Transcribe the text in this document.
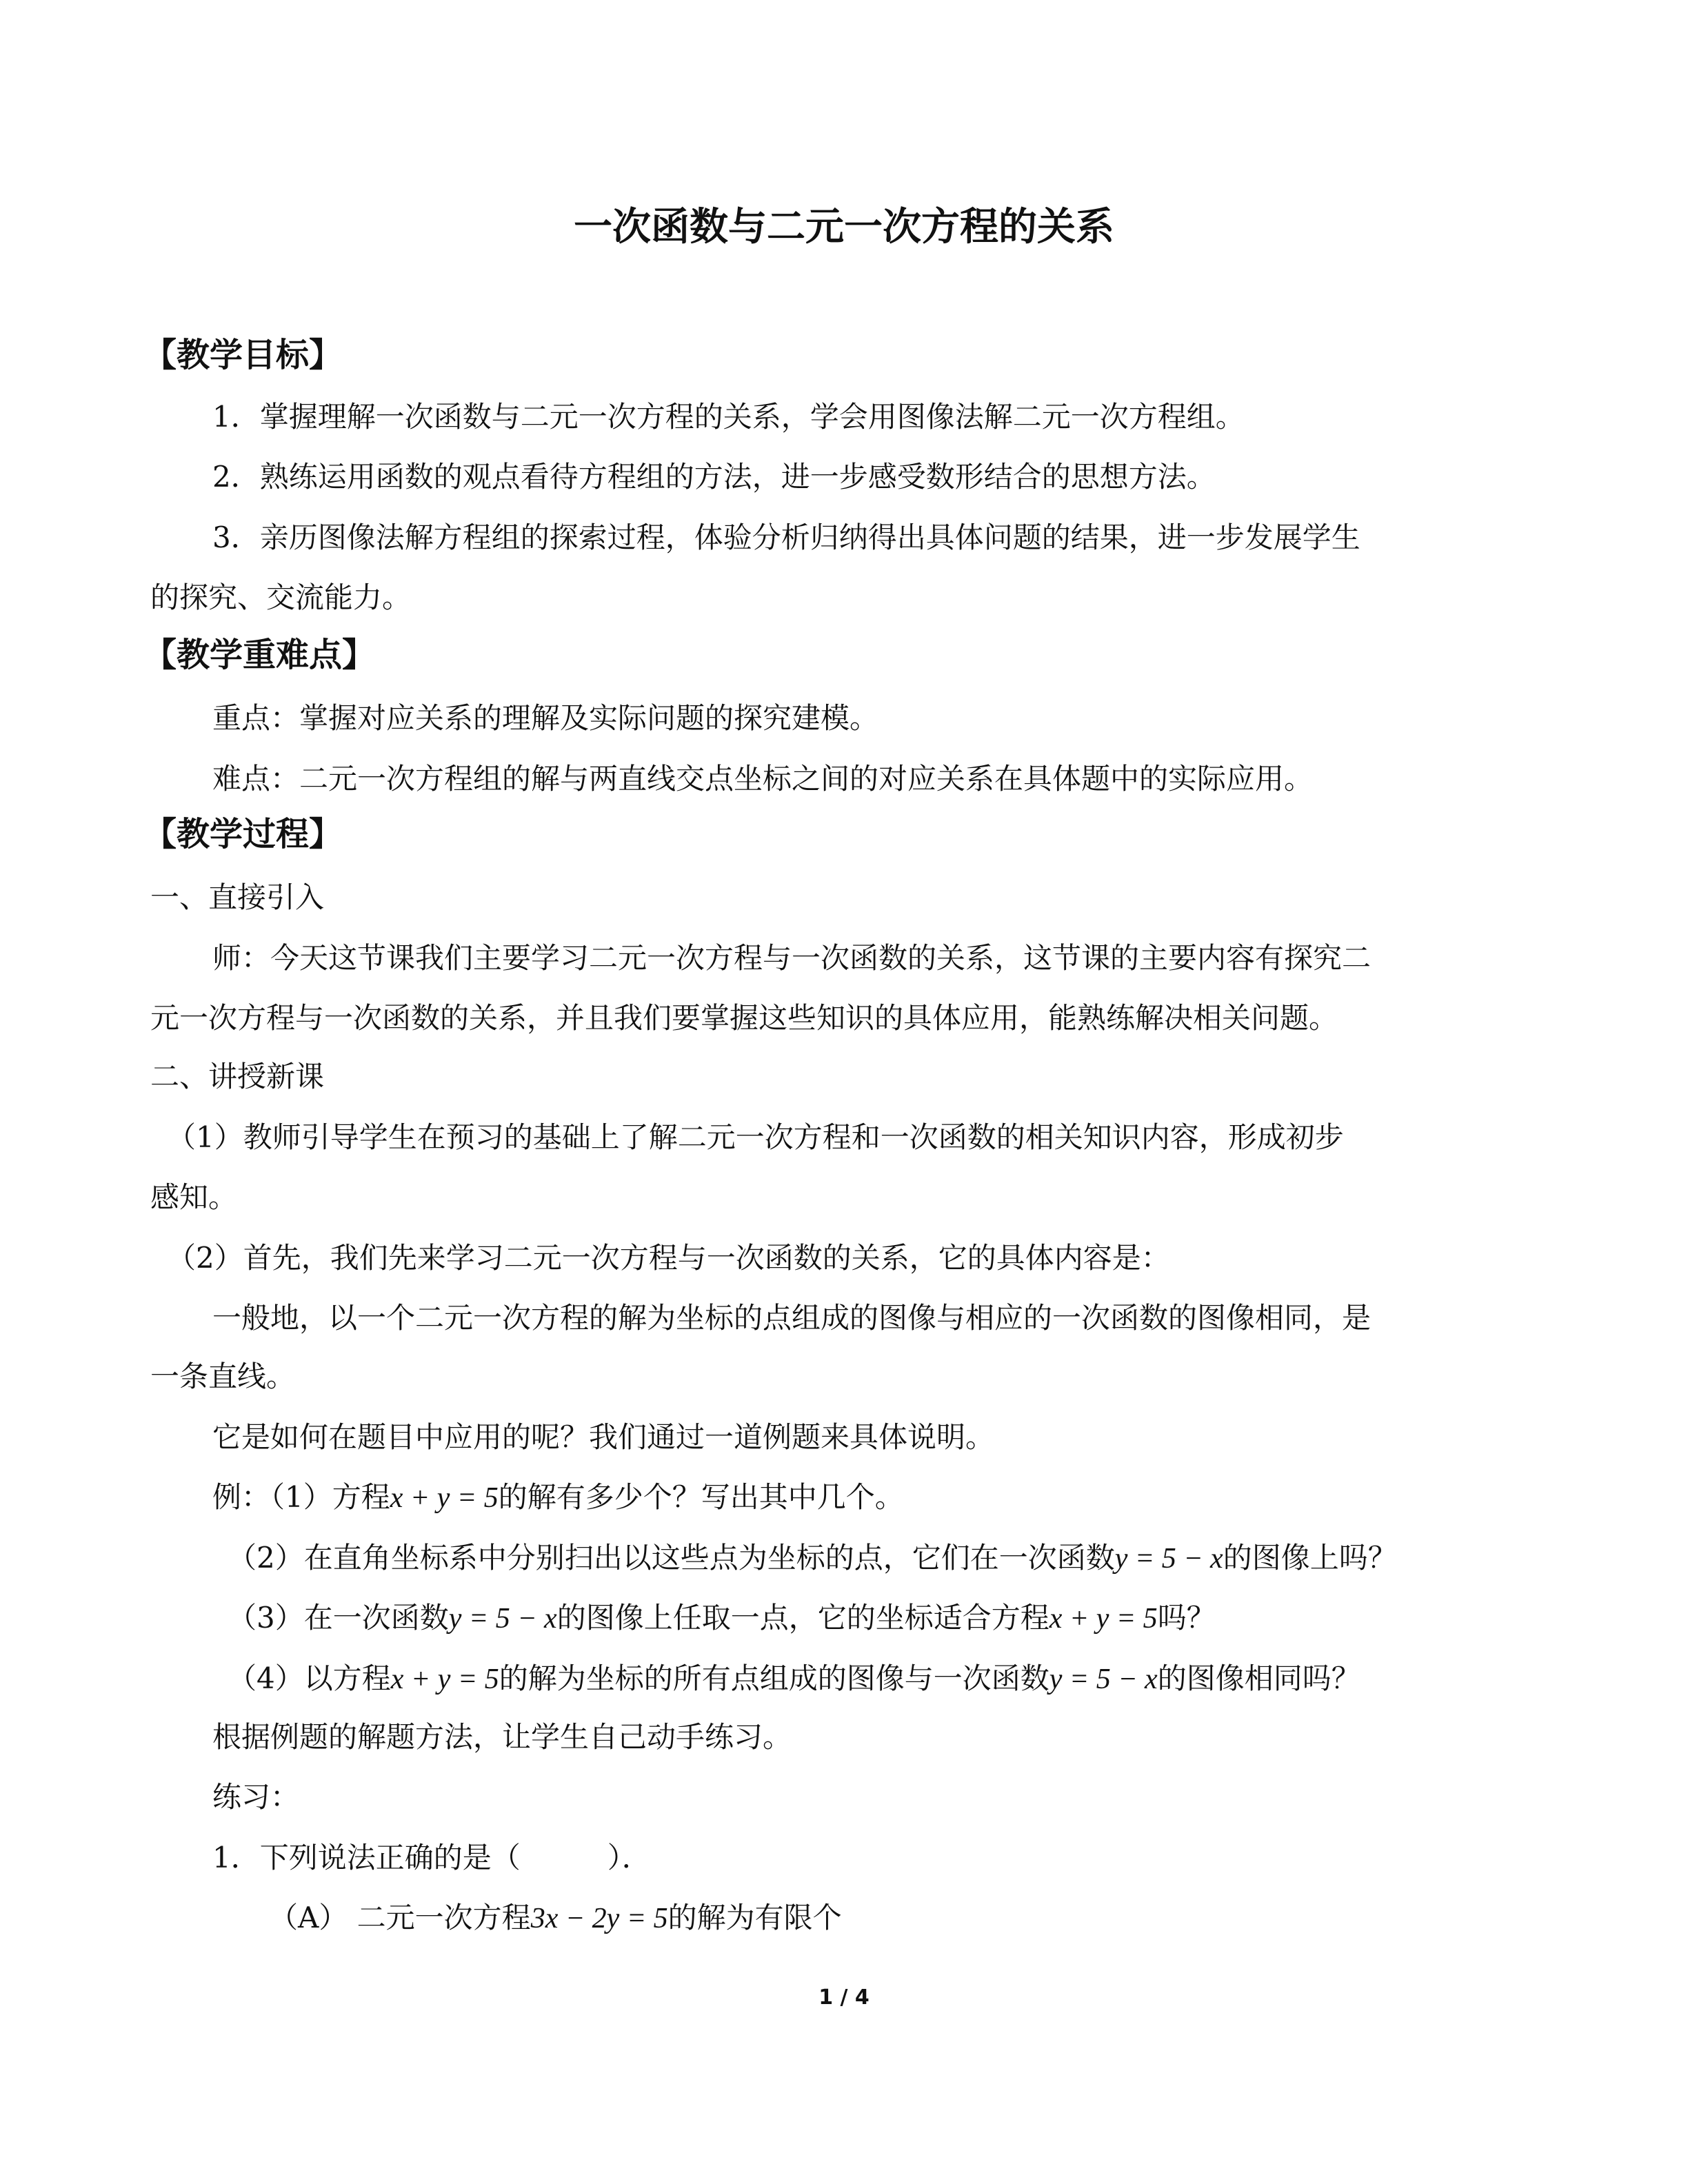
一次函数与二元一次方程的关系
【教学目标】
1．掌握理解一次函数与二元一次方程的关系，学会用图像法解二元一次方程组。
2．熟练运用函数的观点看待方程组的方法，进一步感受数形结合的思想方法。
3．亲历图像法解方程组的探索过程，体验分析归纳得出具体问题的结果，进一步发展学生
的探究、交流能力。
【教学重难点】
重点：掌握对应关系的理解及实际问题的探究建模。
难点：二元一次方程组的解与两直线交点坐标之间的对应关系在具体题中的实际应用。
【教学过程】
一、直接引入
师：今天这节课我们主要学习二元一次方程与一次函数的关系，这节课的主要内容有探究二
元一次方程与一次函数的关系，并且我们要掌握这些知识的具体应用，能熟练解决相关问题。
二、讲授新课
（1）教师引导学生在预习的基础上了解二元一次方程和一次函数的相关知识内容，形成初步
感知。
（2）首先，我们先来学习二元一次方程与一次函数的关系，它的具体内容是：
一般地，以一个二元一次方程的解为坐标的点组成的图像与相应的一次函数的图像相同，是
一条直线。
它是如何在题目中应用的呢？我们通过一道例题来具体说明。
例：（1）方程x + y = 5的解有多少个？写出其中几个。
（2）在直角坐标系中分别扫出以这些点为坐标的点，它们在一次函数y = 5 − x的图像上吗？
（3）在一次函数y = 5 − x的图像上任取一点，它的坐标适合方程x + y = 5吗？
（4）以方程x + y = 5的解为坐标的所有点组成的图像与一次函数y = 5 − x的图像相同吗？
根据例题的解题方法，让学生自己动手练习。
练习：
1．下列说法正确的是（　　　）．
（A） 二元一次方程3x − 2y = 5的解为有限个
1 / 4
